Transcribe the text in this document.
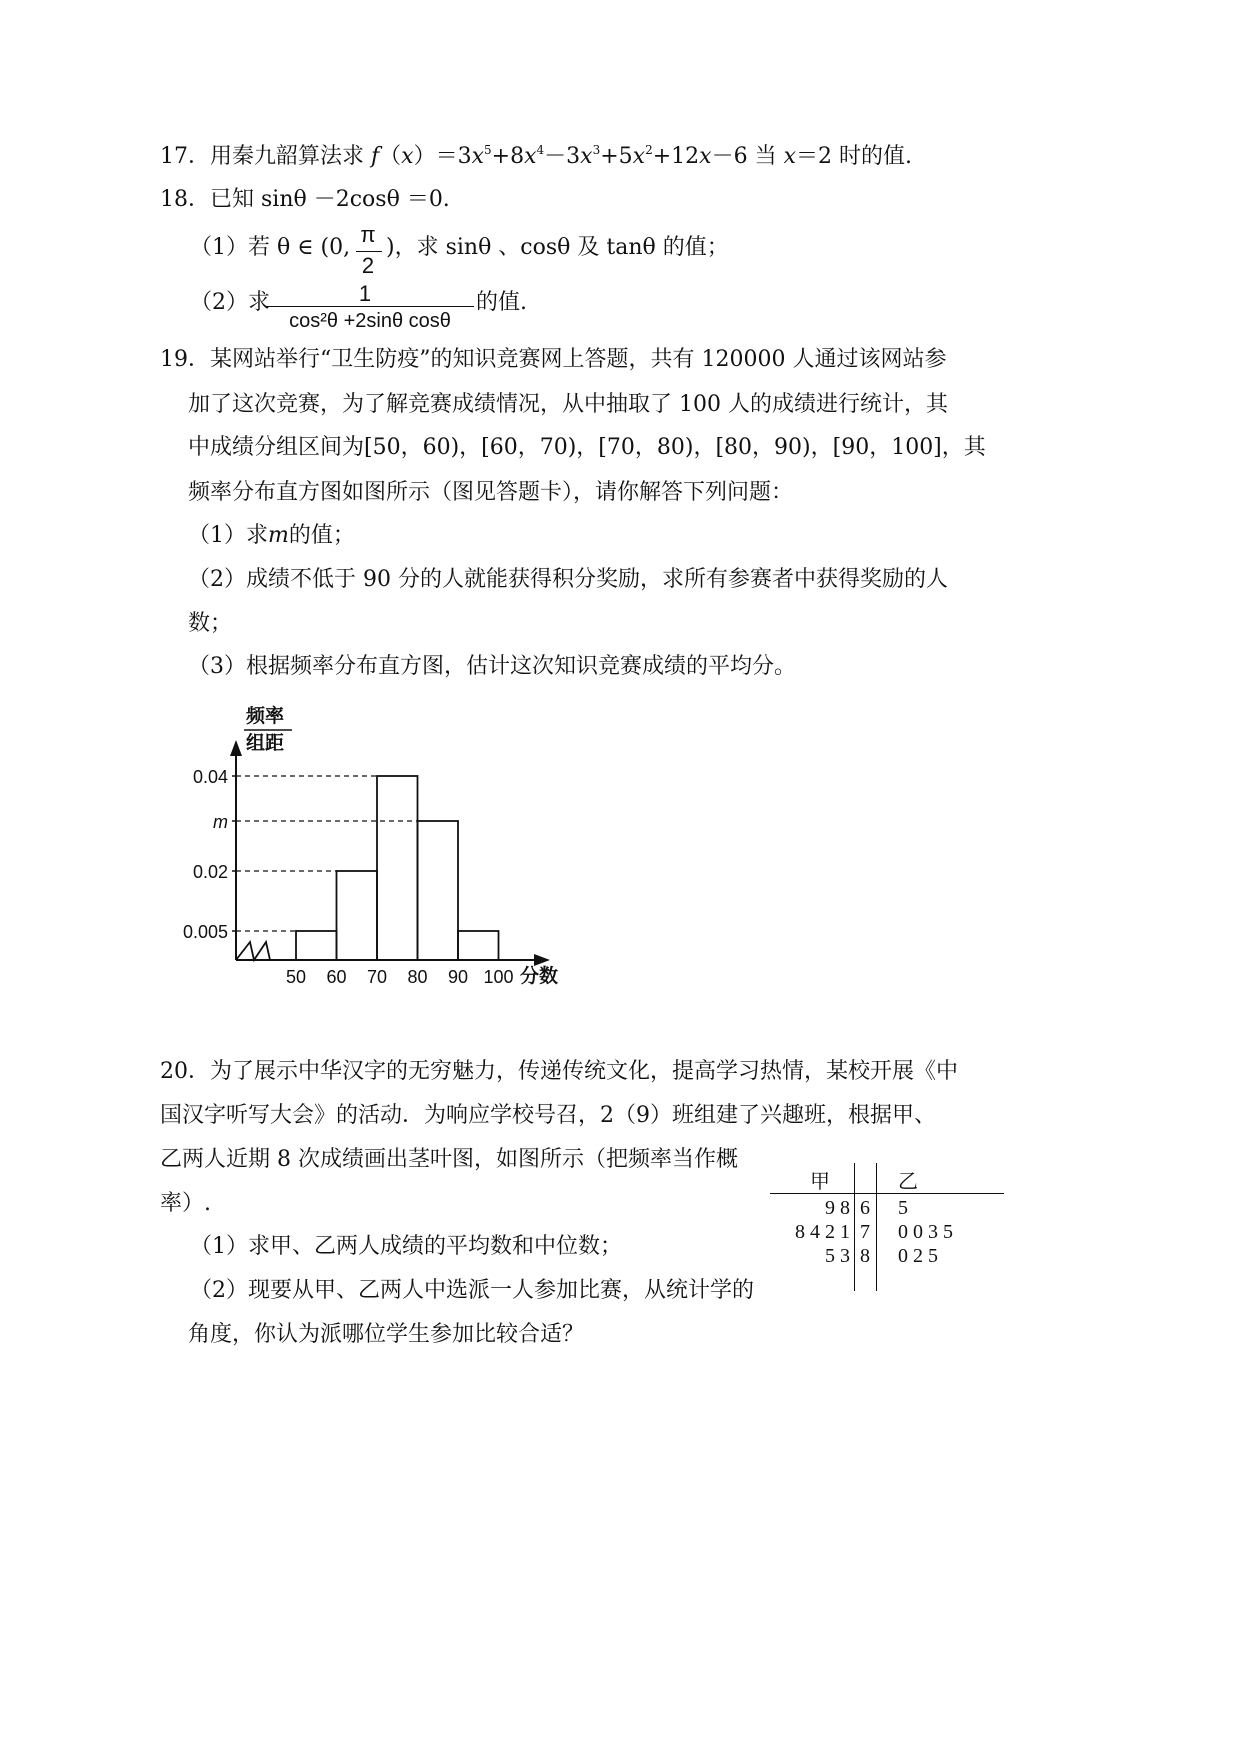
17．用秦九韶算法求 $f(x)=3x^5+8x^4-3x^3+5x^2+12x-6$ 当 x＝2 时的值.
18．已知 sinθ －2cosθ ＝0.
（1）若 θ ∈ (0,
π
2
)，求 sinθ 、cosθ 及 tanθ 的值；
（2）求	1
cos²θ +2sinθ cosθ
的值.
19．某网站举行“卫生防疫”的知识竞赛网上答题，共有 120000 人通过该网站参
加了这次竞赛，为了解竞赛成绩情况，从中抽取了 100 人的成绩进行统计，其
中成绩分组区间为[50，60)，[60，70)，[70，80)，[80，90)，[90，100]，其
频率分布直方图如图所示（图见答题卡），请你解答下列问题：
（1）求m的值；
（2）成绩不低于 90 分的人就能获得积分奖励，求所有参赛者中获得奖励的人
数；
（3）根据频率分布直方图，估计这次知识竞赛成绩的平均分。
频率
组距
分数
0.04
m
0.02
0.005
50 60 70 80 90 100
20．为了展示中华汉字的无穷魅力，传递传统文化，提高学习热情，某校开展《中
国汉字听写大会》的活动．为响应学校号召，2（9）班组建了兴趣班，根据甲、
乙两人近期 8 次成绩画出茎叶图，如图所示（把频率当作概
率）.
（1）求甲、乙两人成绩的平均数和中位数；
（2）现要从甲、乙两人中选派一人参加比赛，从统计学的
角度，你认为派哪位学生参加比较合适？
甲	乙
9 8 6 5
8 4 2 1 7 0 0 3 5
5 3 8 0 2 5
